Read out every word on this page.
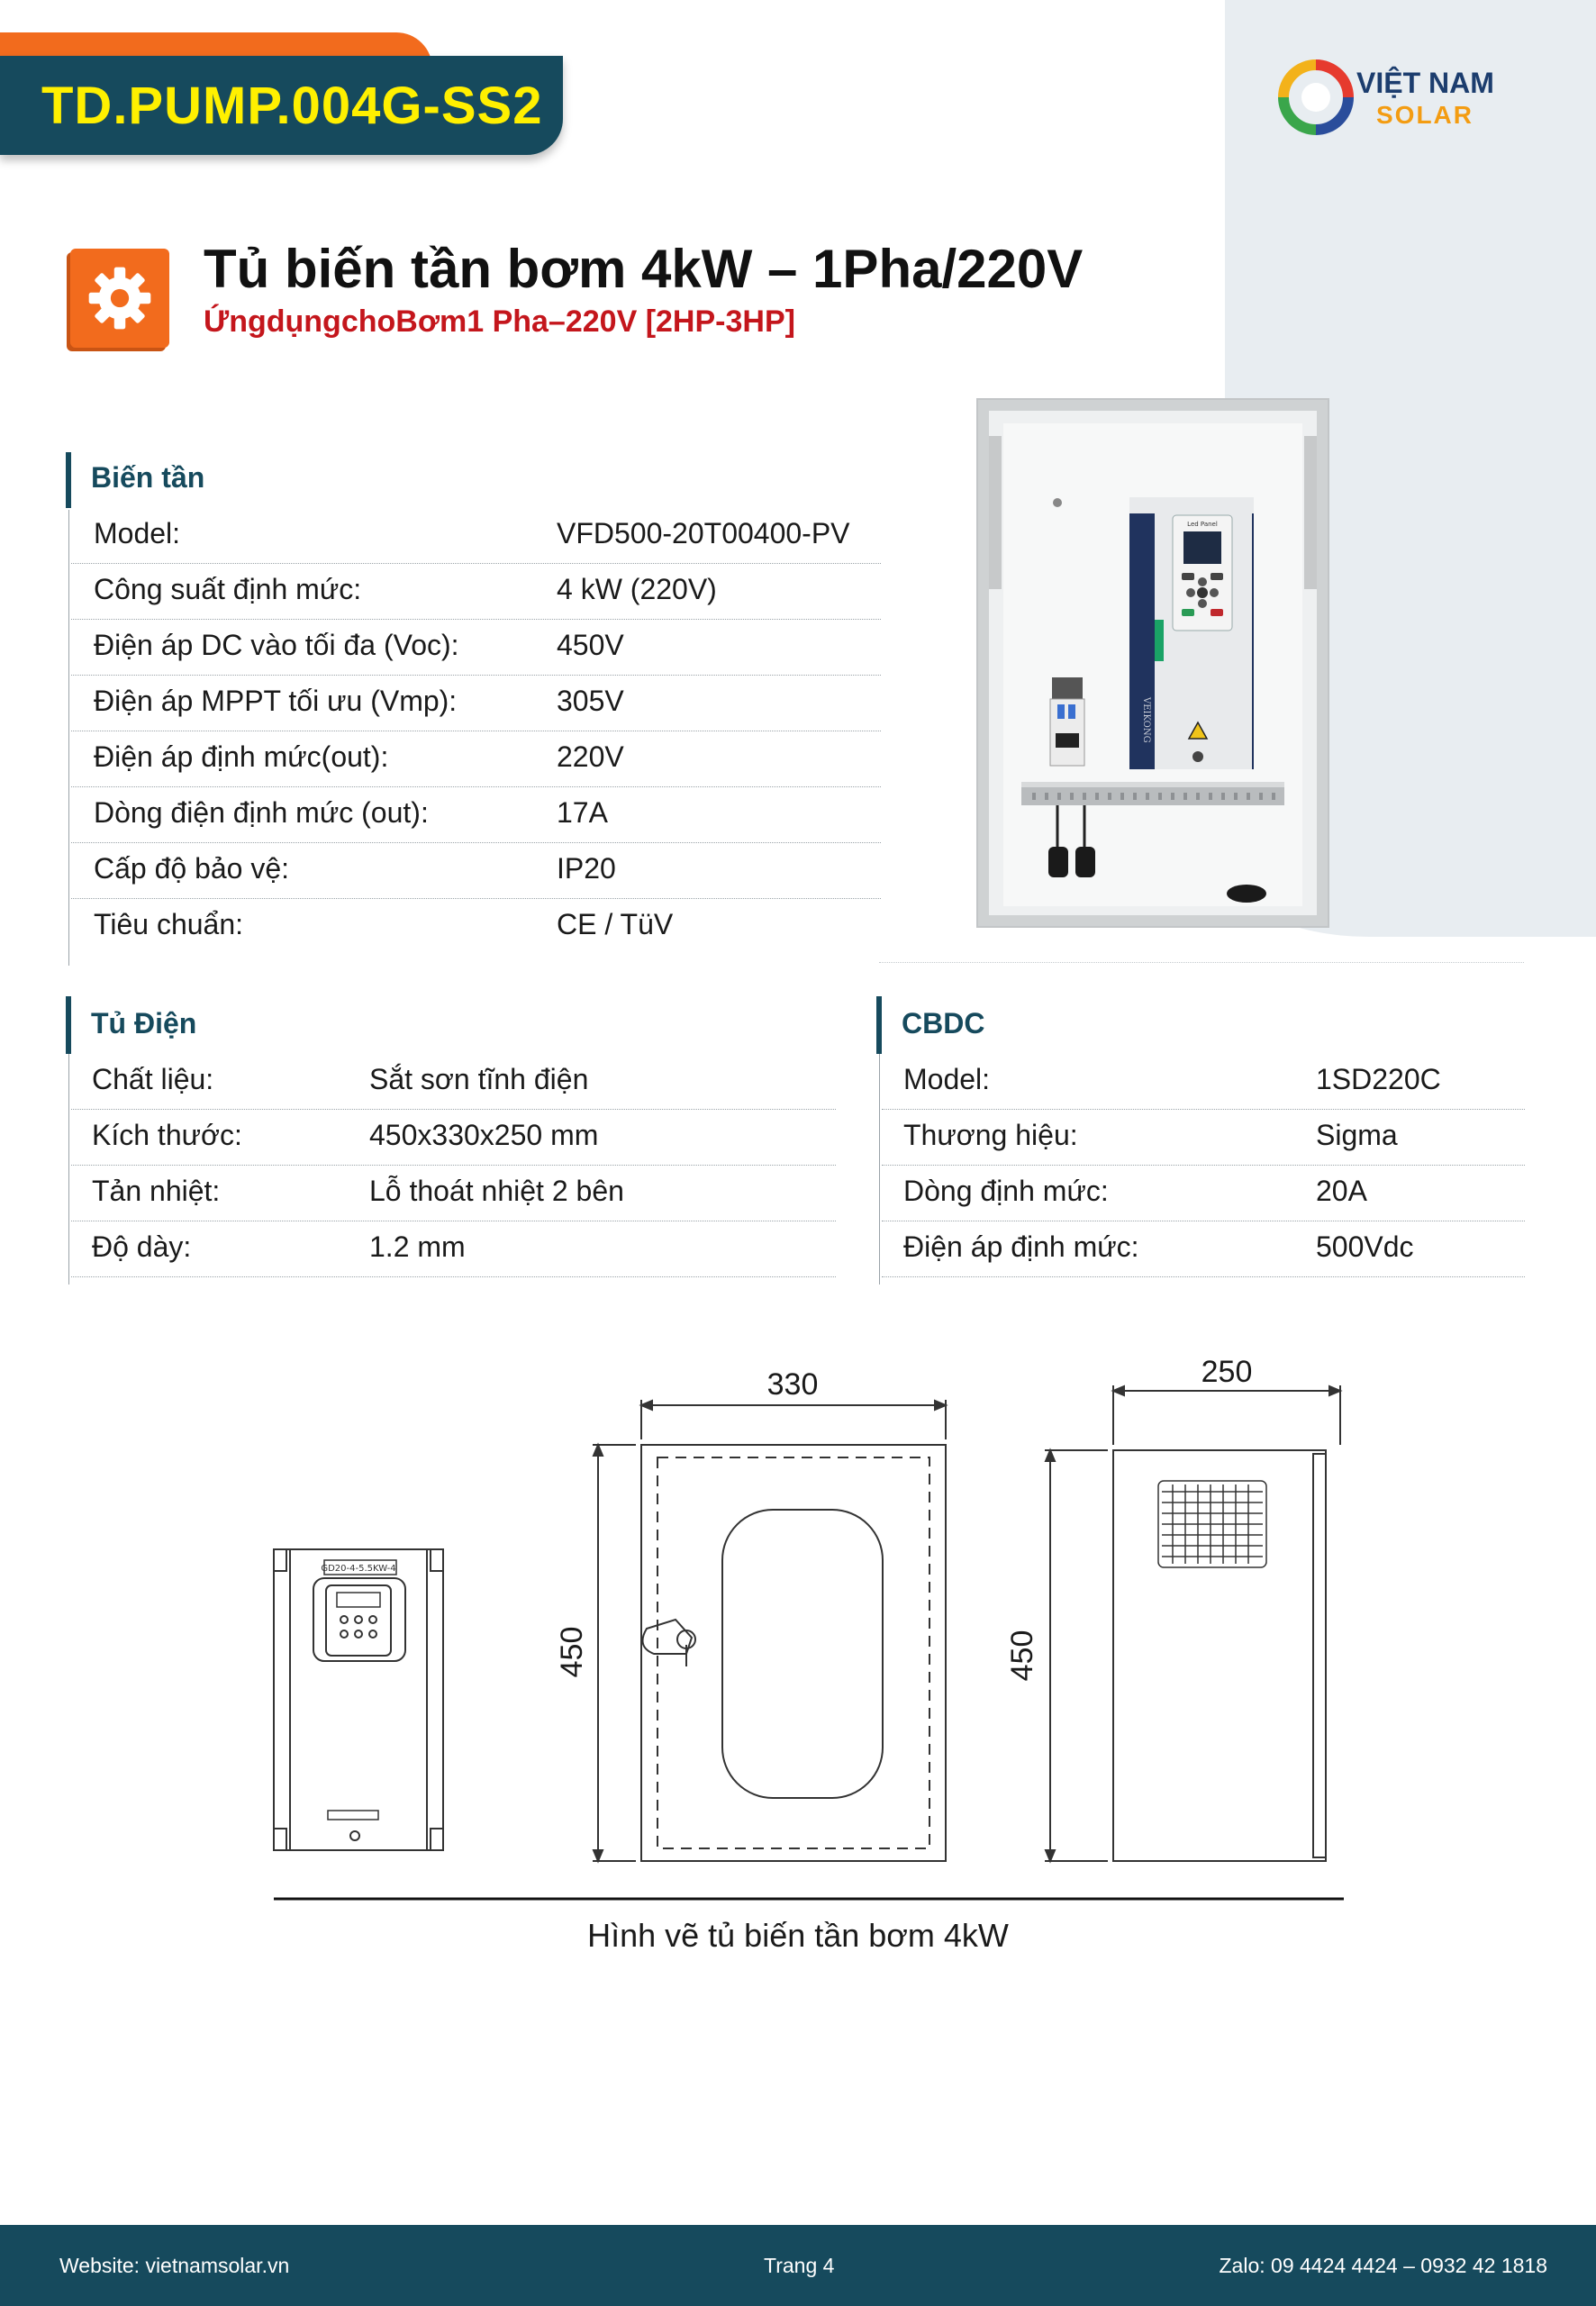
TD.PUMP.004G-SS2	VIỆT NAM
SOLAR
Tủ biến tần bơm 4kW – 1Pha/220V
ỨngdụngchoBơm1 Pha–220V [2HP-3HP]
Led Panel
VEIKONG
Biến tần
Model:	VFD500-20T00400-PV
Công suất định mức:	4 kW (220V)
Điện áp DC vào tối đa (Voc):	450V
Điện áp MPPT tối ưu (Vmp):	305V
Điện áp định mức(out):	220V
Dòng điện định mức (out):	17A
Cấp độ bảo vệ:	IP20
Tiêu chuẩn:	CE / TüV
Tủ Điện
Chất liệu:	Sắt sơn tĩnh điện
Kích thước:	450x330x250 mm
Tản nhiệt:	Lỗ thoát nhiệt 2 bên
Độ dày:	1.2 mm
CBDC
Model:	1SD220C
Thương hiệu:	Sigma
Dòng định mức:	20A
Điện áp định mức:	500Vdc
GD20-4-5.5KW-4
330
450
250
450
Hình vẽ tủ biến tần bơm 4kW
Website: vietnamsolar.vn	Trang 4	Zalo: 09 4424 4424 – 0932 42 1818
